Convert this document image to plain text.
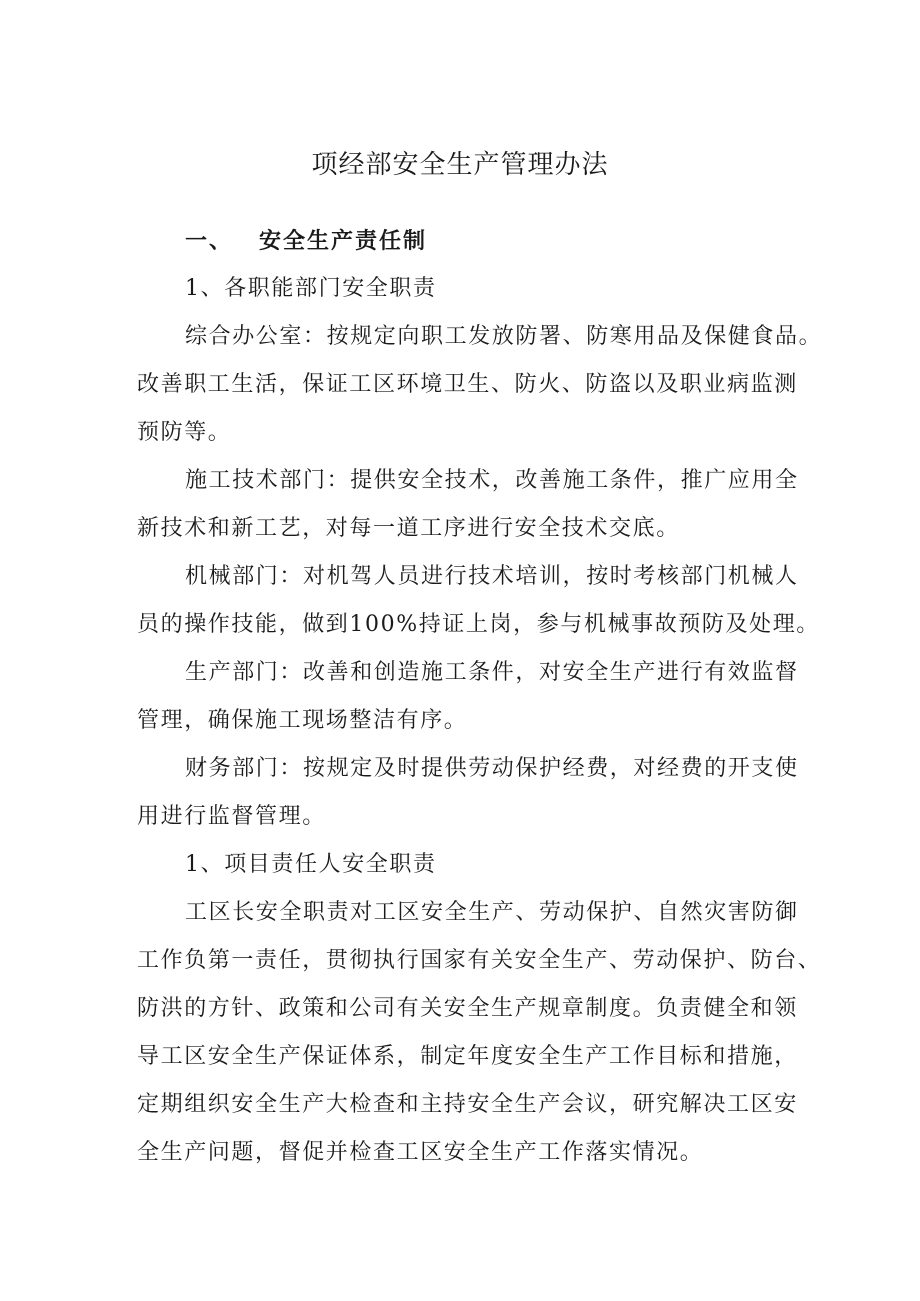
项经部安全生产管理办法
一、 安全生产责任制
1、各职能部门安全职责
综合办公室：按规定向职工发放防署、防寒用品及保健食品。
改善职工生活，保证工区环境卫生、防火、防盗以及职业病监测
预防等。
施工技术部门：提供安全技术，改善施工条件，推广应用全
新技术和新工艺，对每一道工序进行安全技术交底。
机械部门：对机驾人员进行技术培训，按时考核部门机械人
员的操作技能，做到100%持证上岗，参与机械事故预防及处理。
生产部门：改善和创造施工条件，对安全生产进行有效监督
管理，确保施工现场整洁有序。
财务部门：按规定及时提供劳动保护经费，对经费的开支使
用进行监督管理。
1、项目责任人安全职责
工区长安全职责对工区安全生产、劳动保护、自然灾害防御
工作负第一责任，贯彻执行国家有关安全生产、劳动保护、防台、
防洪的方针、政策和公司有关安全生产规章制度。负责健全和领
导工区安全生产保证体系，制定年度安全生产工作目标和措施，
定期组织安全生产大检查和主持安全生产会议，研究解决工区安
全生产问题，督促并检查工区安全生产工作落实情况。
